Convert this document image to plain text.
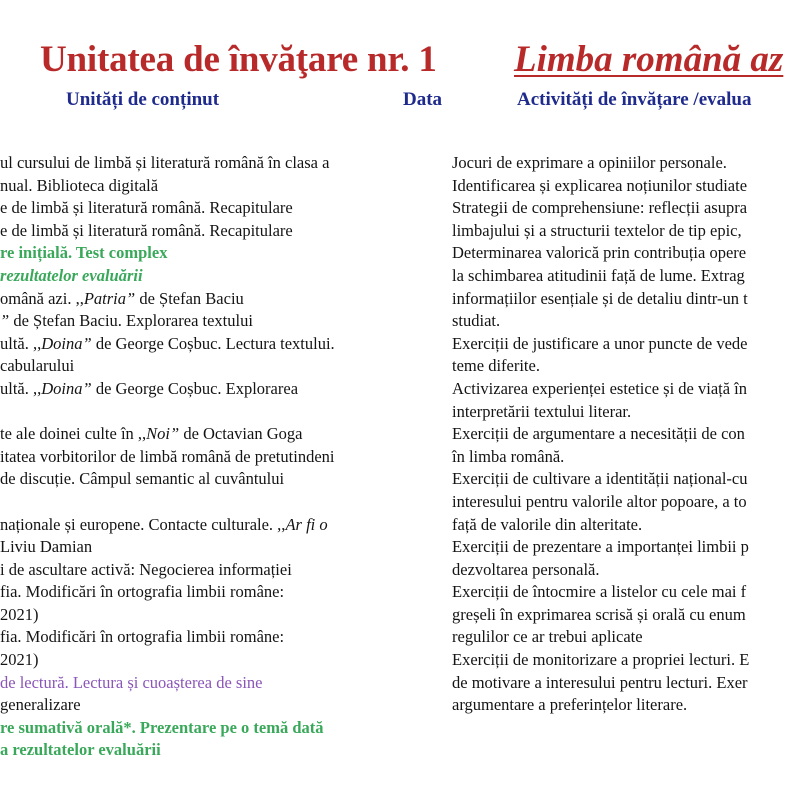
Unitatea de învăţare nr. 1 Limba română az
Unități de conținut	Data	Activități de învățare /evalua
ul cursului de limbă și literatură română în clasa a
nual. Biblioteca digitală
e de limbă și literatură română. Recapitulare
e de limbă și literatură română. Recapitulare
re inițială. Test complex
rezultatelor evaluării
omână azi. ,,Patria” de Ștefan Baciu
” de Ștefan Baciu. Explorarea textului
ultă. ,,Doina” de George Coșbuc. Lectura textului.
cabularului
ultă. ,,Doina” de George Coșbuc. Explorarea
te ale doinei culte în ,,Noi” de Octavian Goga
itatea vorbitorilor de limbă română de pretutindeni
de discuție. Câmpul semantic al cuvântului
naționale și europene. Contacte culturale. ,,Ar fi o
Liviu Damian
i de ascultare activă: Negocierea informației
fia. Modificări în ortografia limbii române:
2021)
fia. Modificări în ortografia limbii române:
2021)
de lectură. Lectura și cuoașterea de sine
generalizare
re sumativă orală*. Prezentare pe o temă dată
a rezultatelor evaluării
Jocuri de exprimare a opiniilor personale.
Identificarea și explicarea noțiunilor studiate
Strategii de comprehensiune: reflecții asupra
limbajului și a structurii textelor de tip epic,
Determinarea valorică prin contribuția opere
la schimbarea atitudinii față de lume. Extrag
informațiilor esențiale și de detaliu dintr-un t
studiat.
Exerciții de justificare a unor puncte de vede
teme diferite.
Activizarea experienței estetice și de viață în
interpretării textului literar.
Exerciții de argumentare a necesității de con
în limba română.
Exerciții de cultivare a identității național-cu
interesului pentru valorile altor popoare, a to
față de valorile din alteritate.
Exerciții de prezentare a importanței limbii p
dezvoltarea personală.
Exerciții de întocmire a listelor cu cele mai f
greșeli în exprimarea scrisă și orală cu enum
regulilor ce ar trebui aplicate
Exerciții de monitorizare a propriei lecturi. E
de motivare a interesului pentru lecturi. Exer
argumentare a preferințelor literare.
